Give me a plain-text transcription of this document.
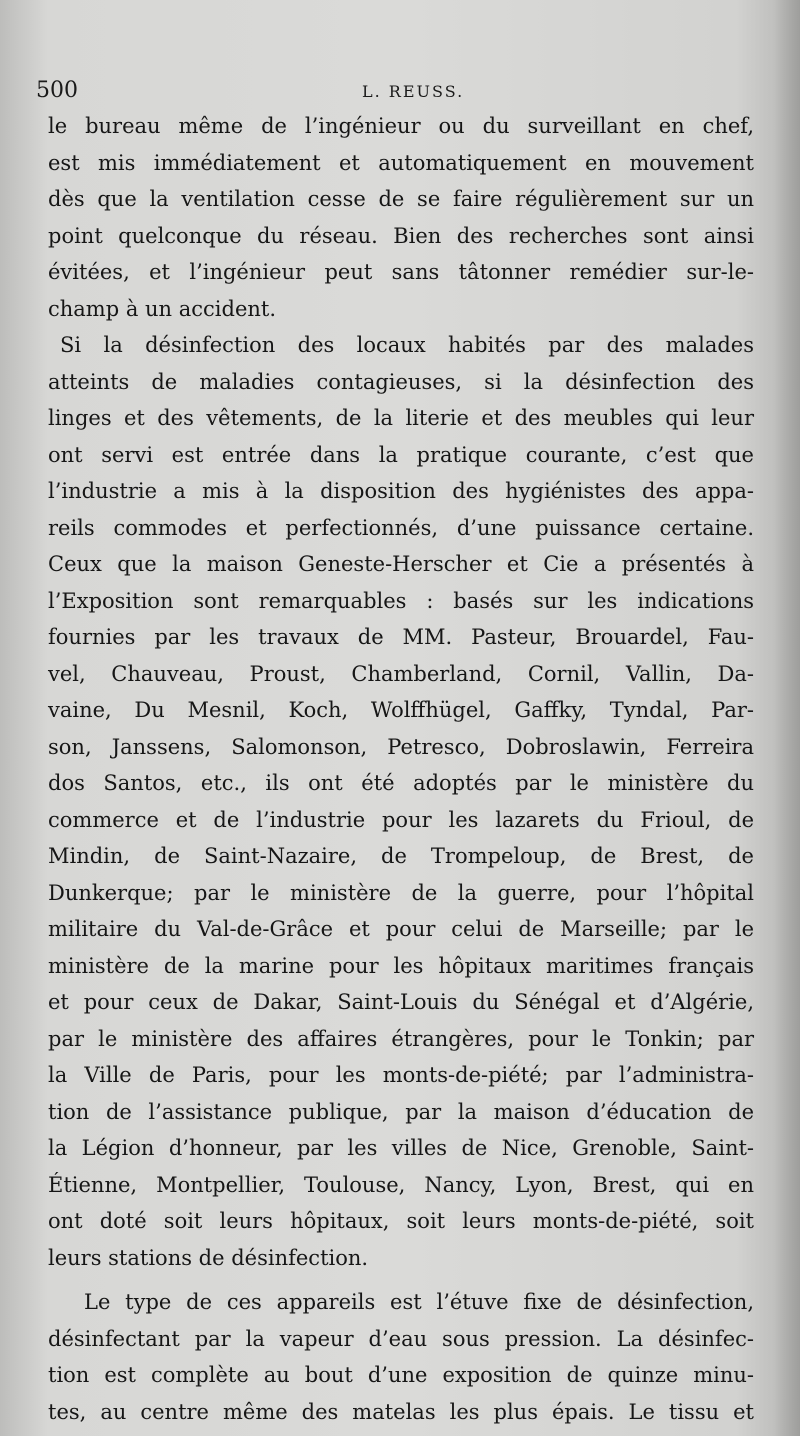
500	L. REUSS.
le bureau même de l’ingénieur ou du surveillant en chef,
est mis immédiatement et automatiquement en mouvement
dès que la ventilation cesse de se faire régulièrement sur un
point quelconque du réseau. Bien des recherches sont ainsi
évitées, et l’ingénieur peut sans tâtonner remédier sur-le-
champ à un accident.
Si la désinfection des locaux habités par des malades
atteints de maladies contagieuses, si la désinfection des
linges et des vêtements, de la literie et des meubles qui leur
ont servi est entrée dans la pratique courante, c’est que
l’industrie a mis à la disposition des hygiénistes des appa-
reils commodes et perfectionnés, d’une puissance certaine.
Ceux que la maison Geneste-Herscher et Cie a présentés à
l’Exposition sont remarquables : basés sur les indications
fournies par les travaux de MM. Pasteur, Brouardel, Fau-
vel, Chauveau, Proust, Chamberland, Cornil, Vallin, Da-
vaine, Du Mesnil, Koch, Wolffhügel, Gaffky, Tyndal, Par-
son, Janssens, Salomonson, Petresco, Dobroslawin, Ferreira
dos Santos, etc., ils ont été adoptés par le ministère du
commerce et de l’industrie pour les lazarets du Frioul, de
Mindin, de Saint-Nazaire, de Trompeloup, de Brest, de
Dunkerque; par le ministère de la guerre, pour l’hôpital
militaire du Val-de-Grâce et pour celui de Marseille; par le
ministère de la marine pour les hôpitaux maritimes français
et pour ceux de Dakar, Saint-Louis du Sénégal et d’Algérie,
par le ministère des affaires étrangères, pour le Tonkin; par
la Ville de Paris, pour les monts-de-piété; par l’administra-
tion de l’assistance publique, par la maison d’éducation de
la Légion d’honneur, par les villes de Nice, Grenoble, Saint-
Étienne, Montpellier, Toulouse, Nancy, Lyon, Brest, qui en
ont doté soit leurs hôpitaux, soit leurs monts-de-piété, soit
leurs stations de désinfection.
Le type de ces appareils est l’étuve fixe de désinfection,
désinfectant par la vapeur d’eau sous pression. La désinfec-
tion est complète au bout d’une exposition de quinze minu-
tes, au centre même des matelas les plus épais. Le tissu et
